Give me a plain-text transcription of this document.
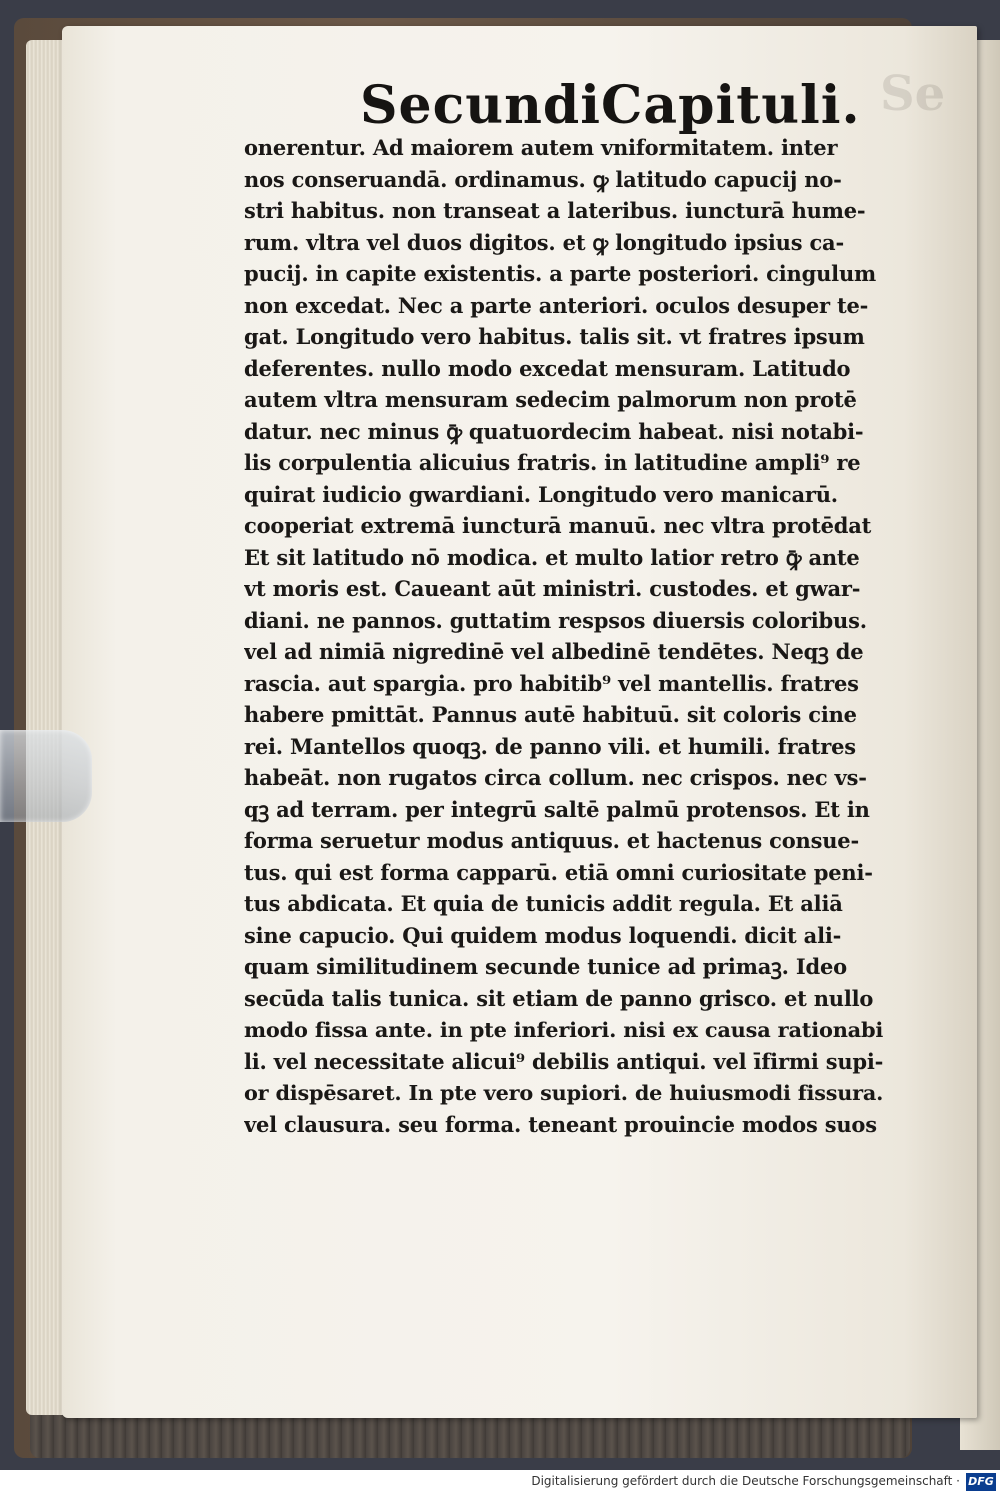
Se
Secundi Capituli.
onerentur. Ad maiorem autem vniformitatem. inter
nos conseruandā. ordinamus. ꝙ latitudo capucij no-
stri habitus. non transeat a lateribus. iuncturā hume-
rum. vltra vel duos digitos. et ꝙ longitudo ipsius ca-
pucij. in capite existentis. a parte posteriori. cingulum
non excedat. Nec a parte anteriori. oculos desuper te-
gat. Longitudo vero habitus. talis sit. vt fratres ipsum
deferentes. nullo modo excedat mensuram. Latitudo
autem vltra mensuram sedecim palmorum non protē
datur. nec minus ꝙ̄ quatuordecim habeat. nisi notabi-
lis corpulentia alicuius fratris. in latitudine ampli⁹ re
quirat iudicio gwardiani. Longitudo vero manicarū.
cooperiat extremā iuncturā manuū. nec vltra protēdat
Et sit latitudo nō modica. et multo latior retro ꝙ̄ ante
vt moris est. Caueant aūt ministri. custodes. et gwar-
diani. ne pannos. guttatim respsos diuersis coloribus.
vel ad nimiā nigredinē vel albedinē tendētes. Neqꝫ de
rascia. aut spargia. pro habitib⁹ vel mantellis. fratres
habere pmittāt. Pannus autē habituū. sit coloris cine
rei. Mantellos quoqꝫ. de panno vili. et humili. fratres
habeāt. non rugatos circa collum. nec crispos. nec vs-
qꝫ ad terram. per integrū saltē palmū protensos. Et in
forma seruetur modus antiquus. et hactenus consue-
tus. qui est forma capparū. etiā omni curiositate peni-
tus abdicata. Et quia de tunicis addit regula. Et aliā
sine capucio. Qui quidem modus loquendi. dicit ali-
quam similitudinem secunde tunice ad primaꝫ. Ideo
secūda talis tunica. sit etiam de panno grisco. et nullo
modo fissa ante. in pte inferiori. nisi ex causa rationabi
li. vel necessitate alicui⁹ debilis antiqui. vel īfirmi supi-
or dispēsaret. In pte vero supiori. de huiusmodi fissura.
vel clausura. seu forma. teneant prouincie modos suos
Digitalisierung gefördert durch die Deutsche Forschungsgemeinschaft · DFG
